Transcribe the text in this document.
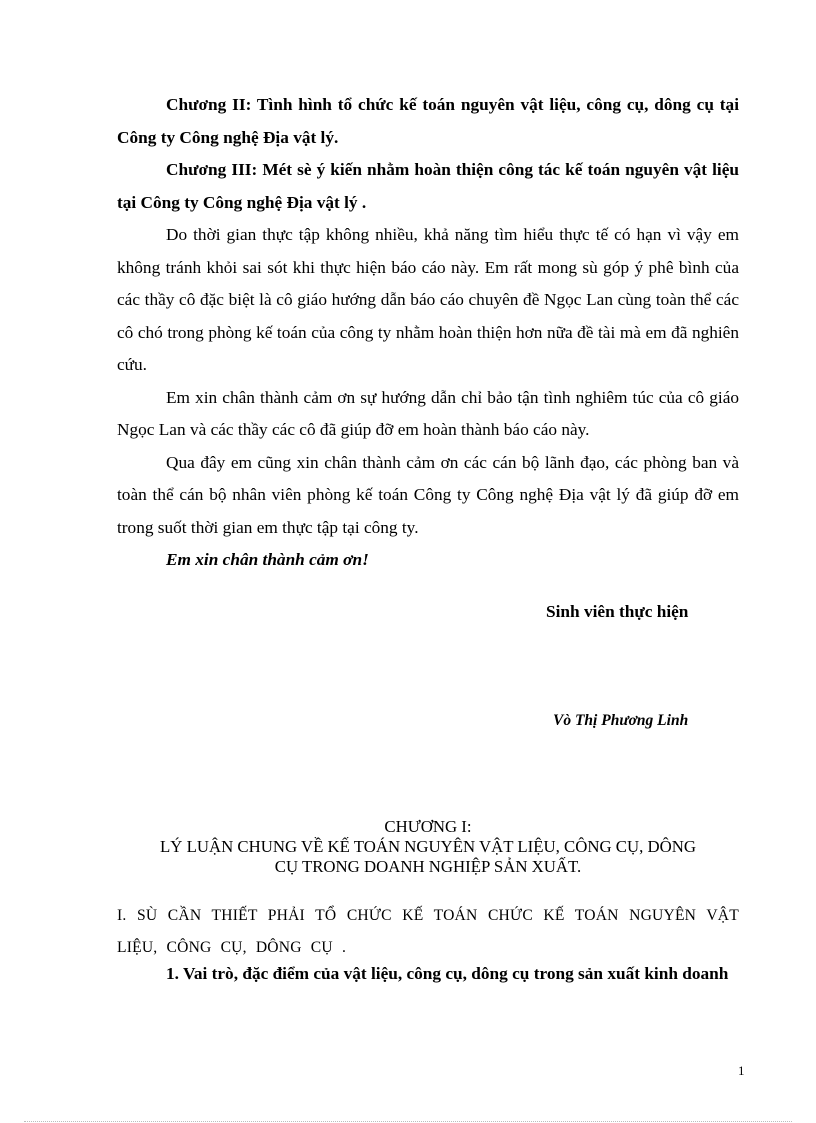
Chương II: Tình hình tổ chức kế toán nguyên vật liệu, công cụ, dông cụ tại Công ty Công nghệ Địa vật lý.

Chương III: Mét sè ý kiến nhằm hoàn thiện công tác kế toán nguyên vật liệu tại Công ty Công nghệ Địa vật lý .

Do thời gian thực tập không nhiều, khả năng tìm hiểu thực tế có hạn vì vậy em không tránh khỏi sai sót khi thực hiện báo cáo này. Em rất mong sù góp ý phê bình của các thầy cô đặc biệt là cô giáo hướng dẫn báo cáo chuyên đề Ngọc Lan cùng toàn thể các cô chó trong phòng kế toán của công ty nhằm hoàn thiện hơn nữa đề tài mà em đã nghiên cứu.

Em xin chân thành cảm ơn sự hướng dẫn chỉ bảo tận tình nghiêm túc của cô giáo Ngọc Lan và các thầy các cô đã giúp đỡ em hoàn thành báo cáo này.

Qua đây em cũng xin chân thành cảm ơn các cán bộ lãnh đạo, các phòng ban và toàn thể cán bộ nhân viên phòng kế toán Công ty Công nghệ Địa vật lý đã giúp đỡ em trong suốt thời gian em thực tập tại công ty.

Em xin chân thành cảm ơn!

Sinh viên thực hiện
Vò Thị Phương Linh
CHƯƠNG I:
LÝ LUẬN CHUNG VỀ KẾ TOÁN NGUYÊN VẬT LIỆU, CÔNG CỤ, DÔNG
CỤ TRONG DOANH NGHIỆP SẢN XUẤT.

I. SÙ CẦN THIẾT PHẢI TỔ CHỨC KẾ TOÁN CHỨC KẾ TOÁN NGUYÊN VẬT LIỆU, CÔNG CỤ, DÔNG CỤ .

1. Vai trò, đặc điểm của vật liệu, công cụ, dông cụ trong sản xuất kinh doanh

1
